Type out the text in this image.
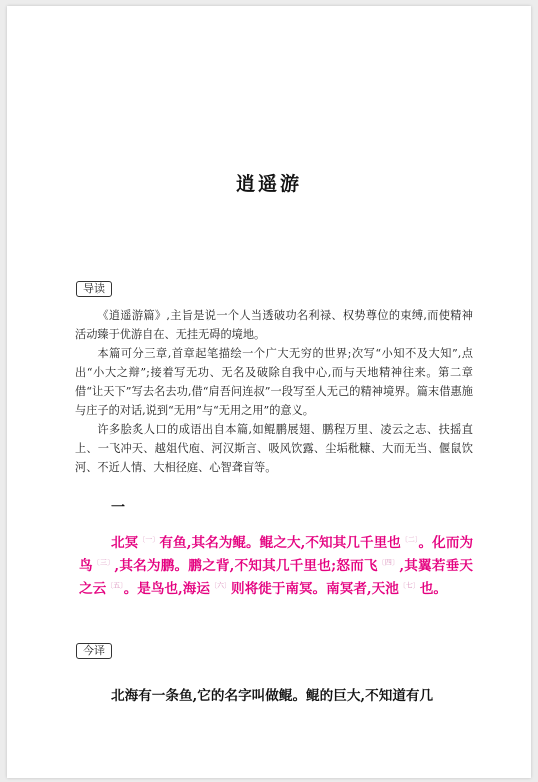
逍遥游
导读

《逍遥游篇》,主旨是说一个人当透破功名利禄、权势尊位的束缚,而使精神活动臻于优游自在、无挂无碍的境地。

本篇可分三章,首章起笔描绘一个广大无穷的世界;次写“小知不及大知”,点出“小大之辩”;接着写无功、无名及破除自我中心,而与天地精神往来。第二章借“让天下”写去名去功,借“肩吾问连叔”一段写至人无己的精神境界。篇末借惠施与庄子的对话,说到“无用”与“无用之用”的意义。

许多脍炙人口的成语出自本篇,如鲲鹏展翅、鹏程万里、凌云之志、扶摇直上、一飞冲天、越俎代庖、河汉斯言、吸风饮露、尘垢秕糠、大而无当、偃鼠饮河、不近人情、大相径庭、心智聋盲等。

一
北冥$^{〔一〕}$有鱼,其名为鲲。鲲之大,不知其几千里也$^{〔二〕}$。化而为鸟$^{〔三〕}$,其名为鹏。鹏之背,不知其几千里也;怒而飞$^{〔四〕}$,其翼若垂天之云$^{〔五〕}$。是鸟也,海运$^{〔六〕}$则将徙于南冥。南冥者,天池$^{〔七〕}$也。
今译
北海有一条鱼,它的名字叫做鲲。鲲的巨大,不知道有几
